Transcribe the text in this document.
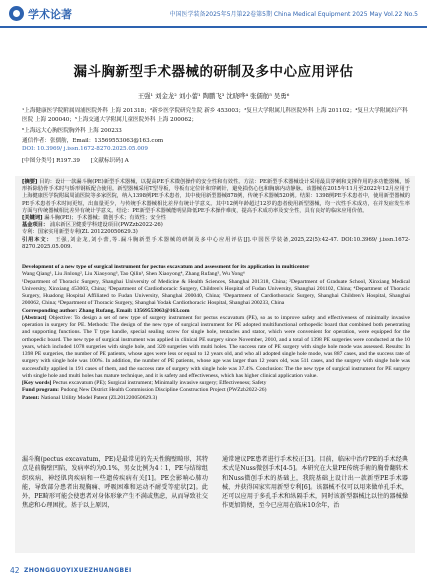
学术论著	中国医学装备2025年5月第22卷第5期 China Medical Equipment 2025 May Vol.22 No.5
漏斗胸新型手术器械的研制及多中心应用评估
王强¹ 刘金龙² 刘小蕾¹ 陶鹏飞³ 沈晓哗⁴ 张儒舫⁵ 吴勇⁶
¹上海健康医学院附属周浦医院外科 上海 201318；²新乡医学院研究生院 新乡 453003；³复旦大学附属儿科医院外科 上海 201102；⁴复旦大学附属妇产科医院 上海 200040；⁵上海交通大学附属儿童医院外科 上海 200062；
⁶上海远大心胸医院胸外科 上海 200233
通信作者：张儒舫，Email：13569553063@163.com
DOI: 10.3969/ j.issn.1672-8270.2025.05.009
[中图分类号] R197.39 [文献标识码] A
[摘要] 目的：设计一款漏斗胸(PE)新型手术器械，以提高PE手术微创操作的安全性和有效性。方法：PE新型手术器械设计采用最具穿刺和支撑作用的多功能器械，矫形拆除肋骨手术时与矫形钢板配合使用。新型器械采用T型导板，导板有定位针和穿刺针，避免损伤心包和胸廓内动静脉。该器械在2015年11月至2022年12月应用于上海健康医学院附属周浦医院等多家医院，纳入1398例PE手术患者，其中使用新型器械878例，传统手术器械520例。结果：1398例PE手术患者中，使用新型器械的PE手术患者手术时间更短，出血量更少，与传统手术器械相比差异有统计学意义。其中12例年龄超过12岁的患者使用新型器械，均一次性手术成功，在并发症发生率方面与传统器械相比差异有统计学意义。结论：PE新型手术器械能明显降低PE手术操作难度，提高手术成功率及安全性，具有良好的临床应用价值。
[关键词] 漏斗胸(PE)；手术器械；微创手术；有效性；安全性
基金项目： 浦东新区卫健委学科建设项目(PWZzb2022-26)
专利：国家实用新型专利(ZL 201220050629.3)
引用本文： 王强,刘金龙,刘小蕾,等.漏斗胸新型手术器械的研制及多中心应用评估[J].中国医学装备,2025,22(5):42-47. DOI:10.3969/ j.issn.1672-8270.2025.05.009.
Development of a new type of surgical instrument for pectus excavatum and assessment for its application in multicenter
Wang Qiang¹, Liu Jinlong², Liu Xiaoyong³, Tao Qilin³, Shen Xiaoyong⁴, Zhang Rufang⁵, Wu Yong⁶
¹Department of Thoracic Surgery, Shanghai University of Medicine & Health Sciences, Shanghai 201318, China; ²Department of Graduate School, Xinxiang Medical University, Xinxiang 453003, China; ³Department of Cardiothoracic Surgery, Children's Hospital of Fudan University, Shanghai 201102, China; ⁴Department of Thoracic Surgery, Huadong Hospital Affiliated to Fudan University, Shanghai 200040, China; ⁵Department of Cardiothoracic Surgery, Shanghai Children's Hospital, Shanghai 200062, China; ⁶Department of Thoracic Surgery, Shanghai Yodak Cardiothoracic Hospital, Shanghai 200233, China
Corresponding author: Zhang Rufang, Email: 13569553063@163.com
[Abstract] Objective: To design a set of new type of surgery instrument for pectus excavatum (PE), so as to improve safety and effectiveness of minimally invasive operation in surgery for PE. Methods: The design of the new type of surgical instrument for PE adopted multifunctional orthopedic board that combined both penetrating and supporting functions. The T type handle, special sealing screw for single hole, tentacles and stator, which were convenient for operation, were equipped for the orthopedic board. The new type of surgical instrument was applied in clinical PE surgery since November, 2010, and a total of 1398 PE surgeries were conducted at the 10 years, which included 1078 surgeries with single hole, and 320 surgeries with multi holes. The success rate of PE surgery with single hole mode was assessed. Results: In 1398 PE surgeries, the number of PE patients, whose ages were less or equal to 12 years old, and who all adopted single hole mode, was 887 cases, and the success rate of surgery with single hole was 100%. In addition, the number of PE patients, whose age was larger than 12 years old, was 511 cases, and the surgery with single hole was successfully applied in 191 cases of them, and the success rate of surgery with single hole was 37.4%. Conclusion: The the new type of surgical instrument for PE surgery with single hole and multi holes has mature technique, and it is safety and effectiveness, which has higher clinical application value.
[Key words] Pectus excavatum (PE); Surgical instrument; Minimally invasive surgery; Effectiveness; Safety
Fund program: Pudong New District Health Commission Discipline Construction Project (PWZzb2022-26)
Patent: National Utility Model Patent (ZL201220050629.3)
漏斗胸(pectus excavatum，PE)是最常见的先天性胸壁畸形，其特点是前胸壁凹陷，发病率约为0.1%，男女比例为4∶1，PE与结缔组织疾病、神经肌肉疾病和一些遗传疾病有关[1]。PE会影响心肺功能，导致部分患者出现胸痛、呼吸困难和运动不耐受等症状[2]。此外，PE畸形可能会使患者对身体形象产生不满或焦虑，从而导致社交焦虑和心理困扰。基于以上原因，
通常建议PE患者进行手术校正[3]。目前，临床中治疗PE的手术经典术式是Nuss微创手术[4-5]。本研究在大量PE传统手術的胸骨翻转术和Nuss微创手术的基础上，我院基础上设计出一款新型PE手术器械，并获得国家实用新型专利[6]。该器械不仅可以用来做单孔手术，还可以应用于多孔手术和纵隔手术，同时该新型器械比以往的器械操作更加简便，至今已应用在临床10余年，治
42 ZHONGGUOYIXUEZHUANGBEI
